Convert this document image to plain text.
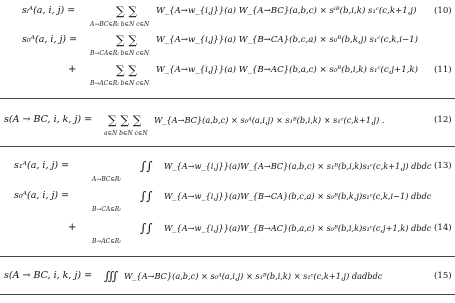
sᵢᴬ(a, i, j) =	∑ ∑ W_{A→w_{i,j}}(a) W_{A→BC}(a,b,c) × sⁱᴮ(b,i,k) s₁ᶜ(c,k+1,j) (10)
A→BC∈Rₗ b∈N c∈N
s₀ᴬ(a, i, j) =	∑ ∑ W_{A→w_{i,j}}(a) W_{B→CA}(b,c,a) × s₀ᴮ(b,k,j) s₁ᶜ(c,k,i−1)
B→CA∈Rₗ b∈N c∈N
+	∑ ∑ W_{A→w_{i,j}}(a) W_{B→AC}(b,a,c) × s₀ᴮ(b,i,k) s₁ᶜ(c,j+1,k) (11)
B→AC∈Rₗ b∈N c∈N
s(A → BC, i, k, j) = ∑ ∑ ∑ W_{A→BC}(a,b,c) × s₀ᴬ(a,i,j) × s₁ᴮ(b,i,k) × s₁ᶜ(c,k+1,j) .	(12)
a∈N b∈N c∈N
s₁ᴬ(a, i, j) =	∫∫ W_{A→w_{i,j}}(a)W_{A→BC}(a,b,c) × s₁ᴮ(b,i,k)s₁ᶜ(c,k+1,j) dbdc (13)
A→BC∈Rₗ
s₀ᴬ(a, i, j) =	∫∫ W_{A→w_{i,j}}(a)W_{B→CA}(b,c,a) × s₀ᴮ(b,k,j)s₁ᶜ(c,k,i−1) dbdc
B→CA∈Rₗ
+	∫∫ W_{A→w_{i,j}}(a)W_{B→AC}(b,a,c) × s₀ᴮ(b,i,k)s₁ᶜ(c,j+1,k) dbdc (14)
B→AC∈Rₗ
s(A → BC, i, k, j) = ∭ W_{A→BC}(a,b,c) × s₀ᴬ(a,i,j) × s₁ᴮ(b,i,k) × s₁ᶜ(c,k+1,j) dadbdc	(15)
